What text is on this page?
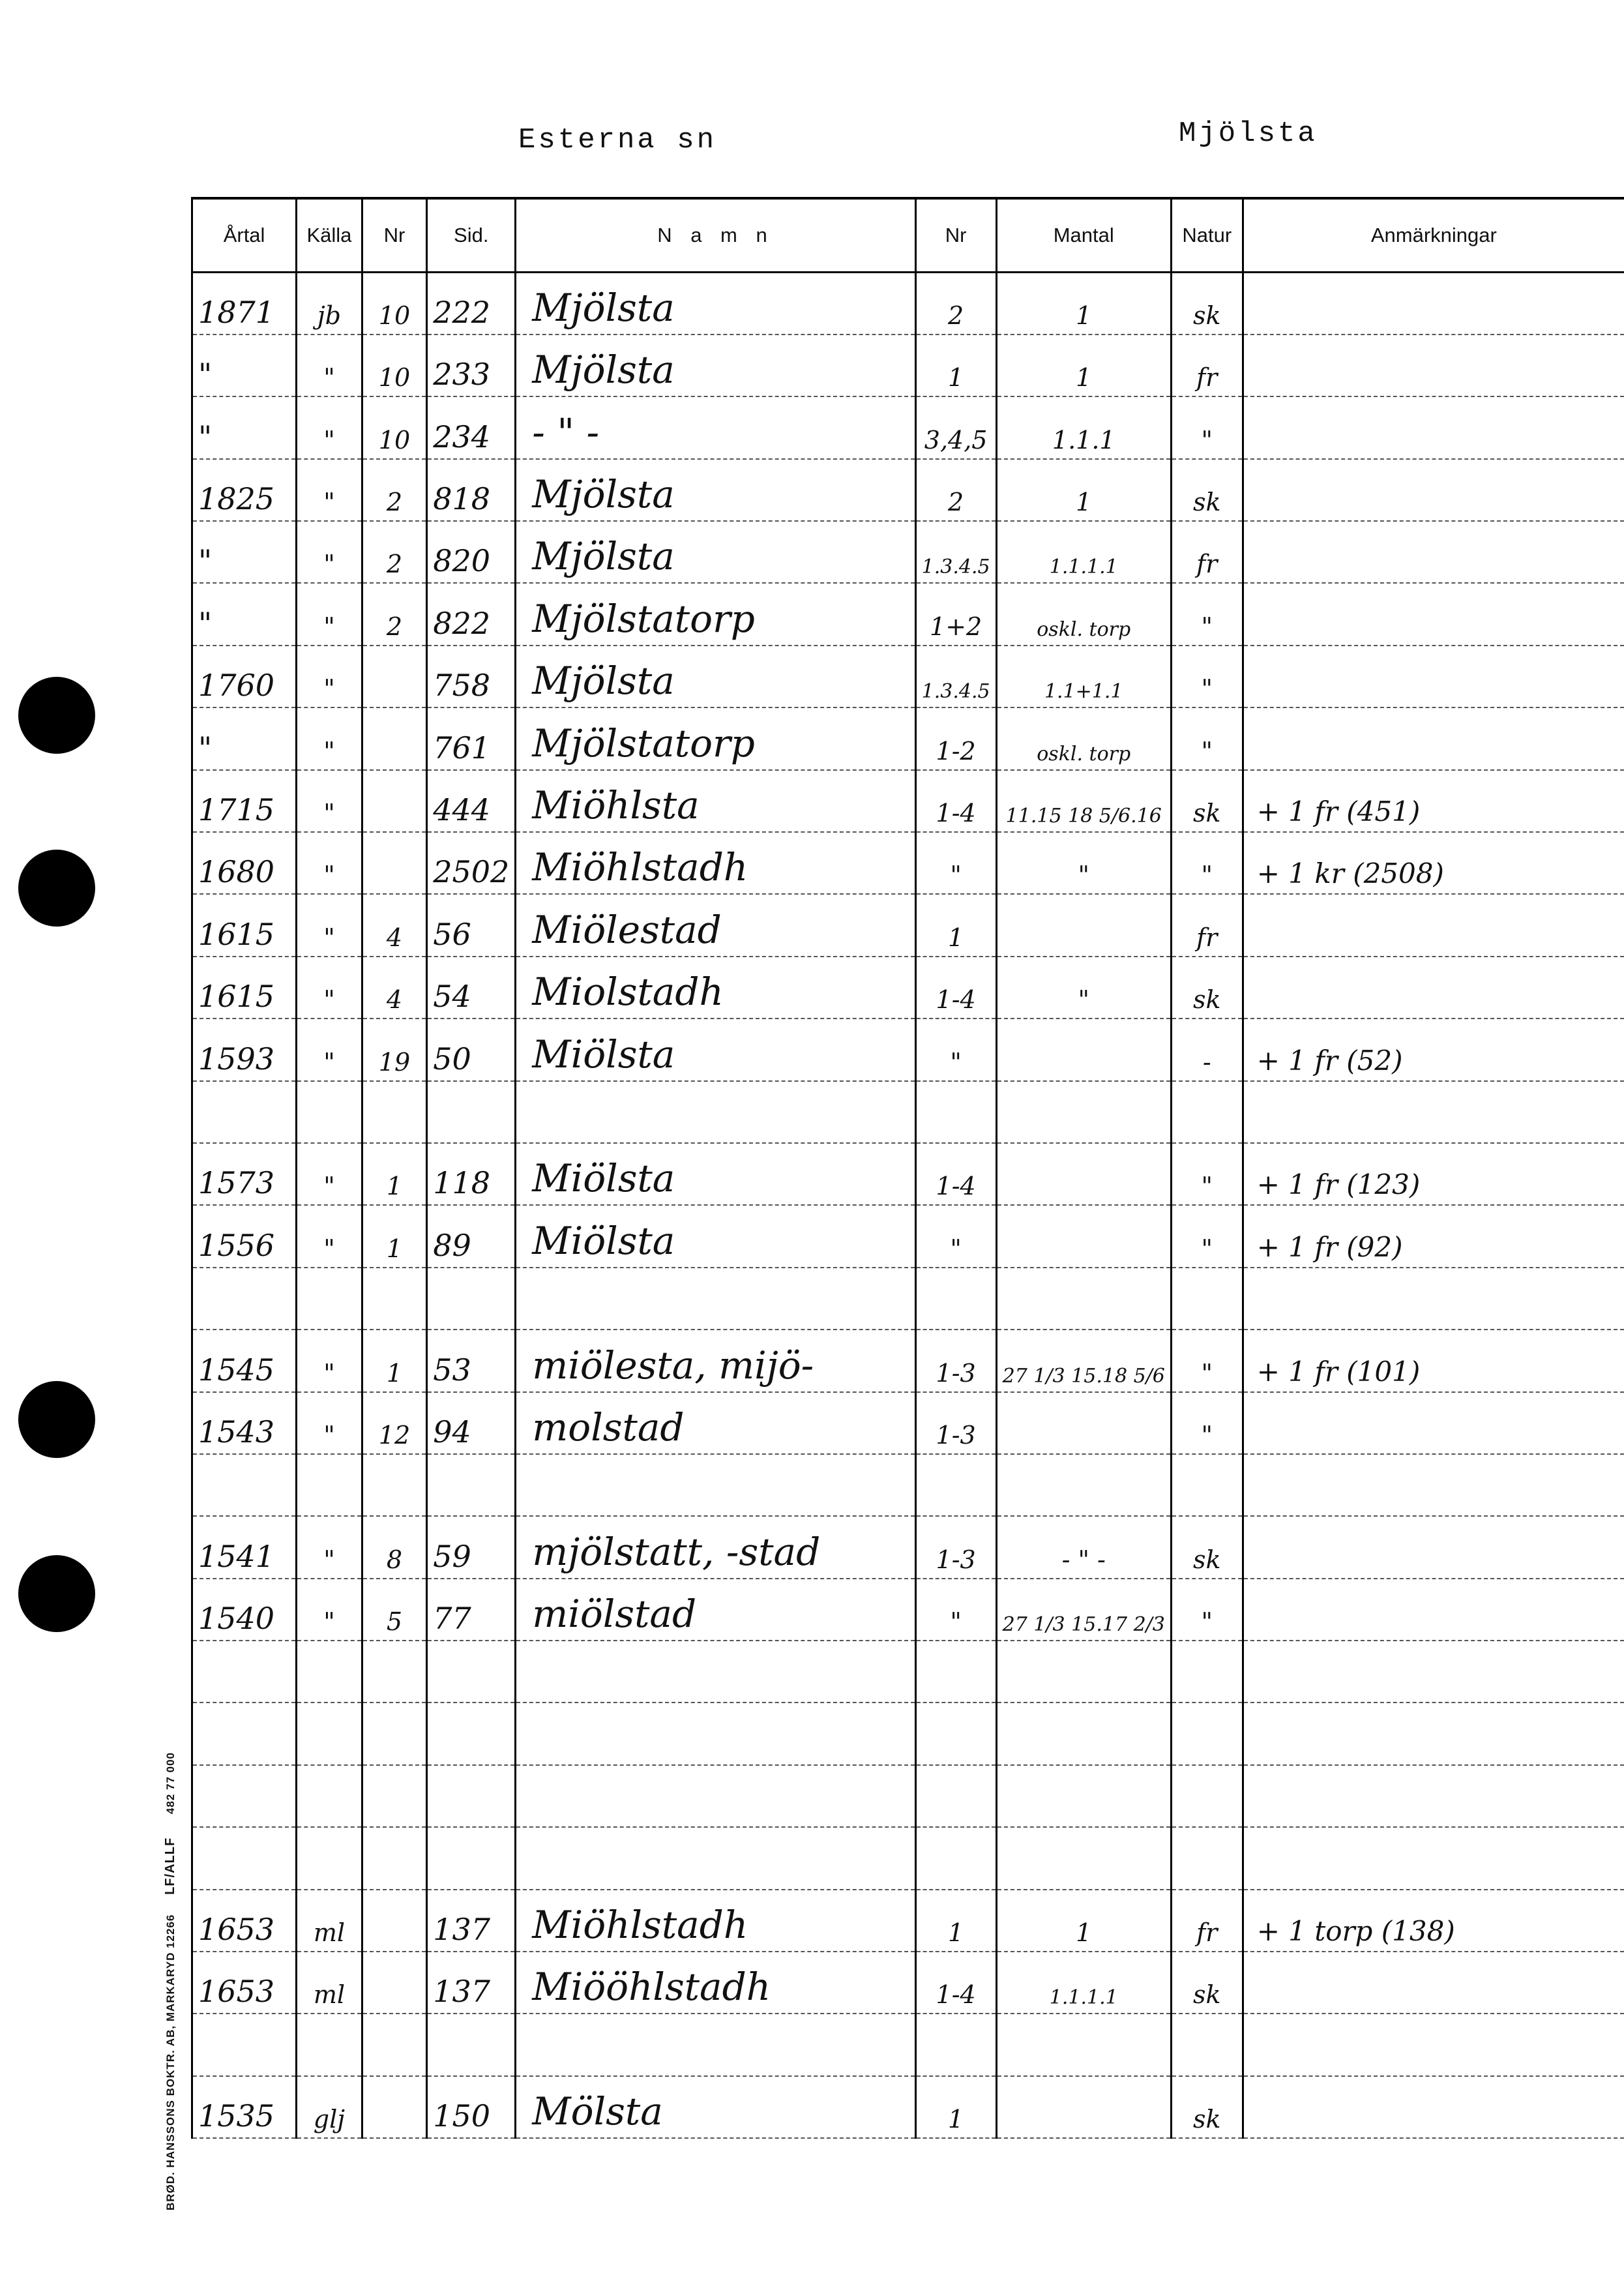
Esterna sn	Mjölsta
Årtal	Källa	Nr	Sid.	N a m n	Nr	Mantal	Natur	Anmärkningar
1871	jb	10	222	Mjölsta	2	1	sk	
"	"	10	233	Mjölsta	1	1	fr	
"	"	10	234	- " -	3,4,5	1.1.1	"	
1825	"	2	818	Mjölsta	2	1	sk	
"	"	2	820	Mjölsta	1.3.4.5	1.1.1.1	fr	
"	"	2	822	Mjölstatorp	1+2	oskl. torp	"	
1760	"		758	Mjölsta	1.3.4.5	1.1+1.1	"	
"	"		761	Mjölstatorp	1-2	oskl. torp	"	
1715	"		444	Miöhlsta	1-4	11.15 18 5/6.16	sk	+ 1 fr (451)
1680	"		2502	Miöhlstadh	"	"	"	+ 1 kr (2508)
1615	"	4	56	Miölestad	1		fr	
1615	"	4	54	Miolstadh	1-4	"	sk	
1593	"	19	50	Miölsta	"		-	+ 1 fr (52)

1573	"	1	118	Miölsta	1-4		"	+ 1 fr (123)
1556	"	1	89	Miölsta	"		"	+ 1 fr (92)

1545	"	1	53	miölesta, mijö-	1-3	27 1/3 15.18 5/6	"	+ 1 fr (101)
1543	"	12	94	molstad	1-3		"	

1541	"	8	59	mjölstatt, -stad	1-3	- " -	sk	
1540	"	5	77	miölstad	"	27 1/3 15.17 2/3	"	

1653	ml		137	Miöhlstadh	1	1	fr	+ 1 torp (138)
1653	ml		137	Miööhlstadh	1-4	1.1.1.1	sk	

1535	glj		150	Mölsta	1		sk	
BRØD. HANSSONS BOKTR. AB, MARKARYD 12266 LF/ALLF 482 77 000
